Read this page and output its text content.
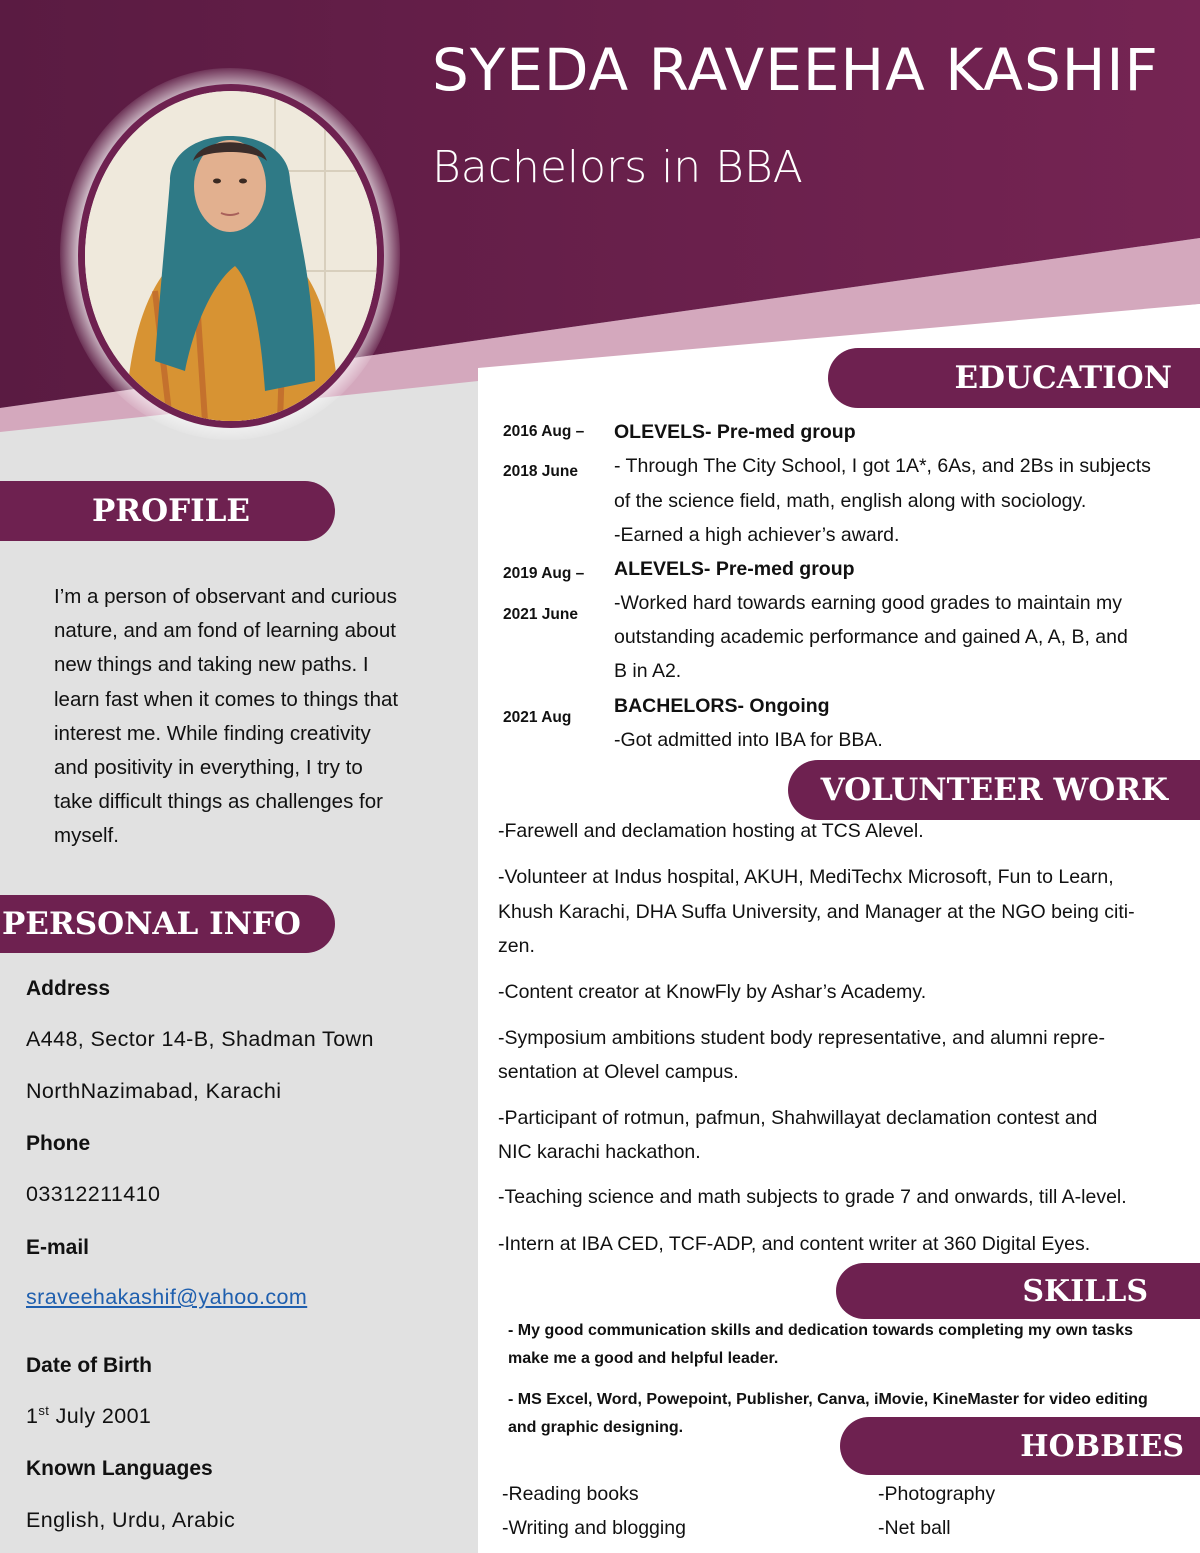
SYEDA RAVEEHA KASHIF
Bachelors in BBA
PROFILE
PERSONAL INFO
EDUCATION
VOLUNTEER WORK
SKILLS
HOBBIES
I’m a person of observant and curious
nature, and am fond of learning about
new things and taking new paths. I
learn fast when it comes to things that
interest me. While finding creativity
and positivity in everything, I try to
take difficult things as challenges for
myself.
Address
A448, Sector 14-B, Shadman Town
NorthNazimabad, Karachi
Phone
03312211410
E-mail
sraveehakashif@yahoo.com
Date of Birth
1st July 2001
Known Languages
English, Urdu, Arabic
2016 Aug –
2018 June
OLEVELS- Pre-med group
- Through The City School, I got 1A*, 6As, and 2Bs in subjects
of the science field, math, english along with sociology.
-Earned a high achiever’s award.
2019 Aug –
2021 June
ALEVELS- Pre-med group
-Worked hard towards earning good grades to maintain my
outstanding academic performance and gained A, A, B, and
B in A2.
2021 Aug
BACHELORS- Ongoing
-Got admitted into IBA for BBA.
-Farewell and declamation hosting at TCS Alevel.
-Volunteer at Indus hospital, AKUH, MediTechx Microsoft, Fun to Learn,
Khush Karachi, DHA Suffa University, and Manager at the NGO being citi-
zen.
-Content creator at KnowFly by Ashar’s Academy.
-Symposium ambitions student body representative, and alumni repre-
sentation at Olevel campus.
-Participant of rotmun, pafmun, Shahwillayat declamation contest and
NIC karachi hackathon.
-Teaching science and math subjects to grade 7 and onwards, till A-level.
-Intern at IBA CED, TCF-ADP, and content writer at 360 Digital Eyes.
- My good communication skills and dedication towards completing my own tasks
make me a good and helpful leader.
- MS Excel, Word, Powepoint, Publisher, Canva, iMovie, KineMaster for video editing
and graphic designing.
-Reading books
-Writing and blogging
-Photography
-Net ball
